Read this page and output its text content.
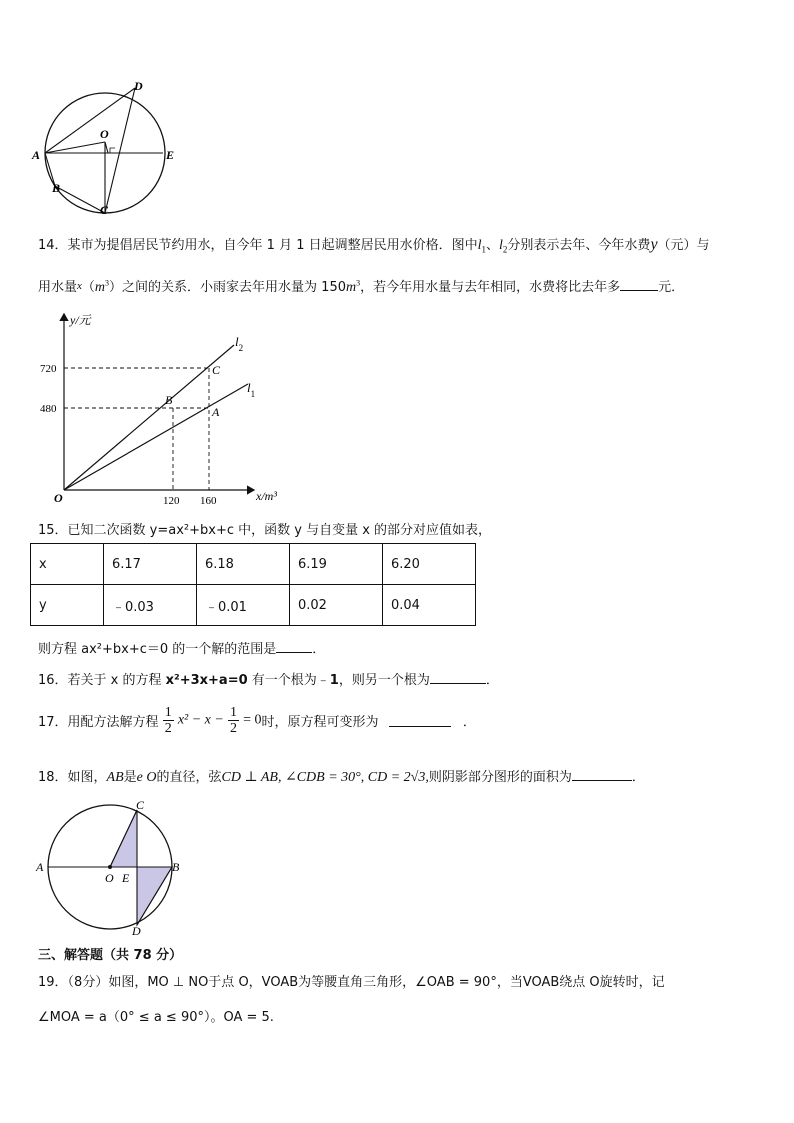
D
O
A	E
B
C
14．某市为提倡居民节约用水，自今年 1 月 1 日起调整居民用水价格．图中$l_1$、$l_2$分别表示去年、今年水费y（元）与
用水量$x(m^3)$之间的关系．小雨家去年用水量为 $150m^3$，若今年用水量与去年相同，水费将比去年多	元．
y/元
x/m³
O
720
480
120 160
$l_2$
$l_1$
B
C
A
15．已知二次函数 y=ax²+bx+c 中，函数 y 与自变量 x 的部分对应值如表，
x	6.17	6.18	6.19	6.20
y	﹣0.03	﹣0.01	0.02	0.04
则方程 ax²+bx+c＝0 的一个解的范围是	．
16．若关于 x 的方程 x²+3x+a=0 有一个根为﹣1，则另一个根为	．
17．用配方法解方程 $\frac{1}{2} x^2 - x - \frac{1}{2} = 0$时，原方程可变形为	．
18．如图，AB是e O的直径，弦CD ⊥ AB, ∠CDB = 30°, CD = 2√3,则阴影部分图形的面积为	．
C
A	B
O E
D
三、解答题（共 78 分）
19．（8分）如图，MO ⊥ NO于点 O，VOAB为等腰直角三角形，∠OAB = 90°，当VOAB绕点 O旋转时，记
∠MOA = a（0° ≤ a ≤ 90°）。OA = 5.
